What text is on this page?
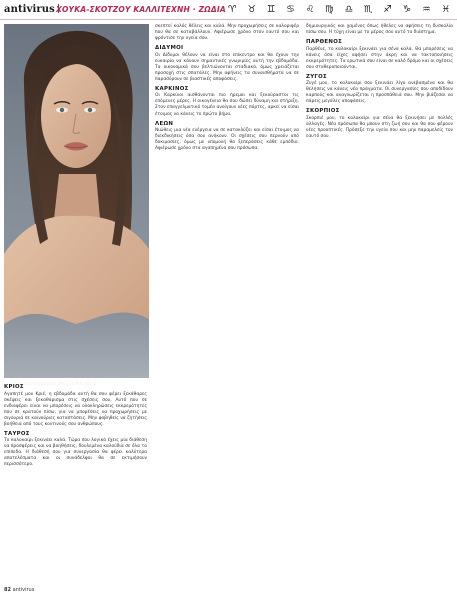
antivirus ΧΟΥΚΑ-ΣΚΟΤΖΟΥ ΚΑΛΛΙΤΕΧΝΗ · ΖΩΔΙΑ ♈ ♉ ♊ ♋ ♌ ♍ ♎ ♏ ♐ ♑ ♒ ♓
Στη φωτογραφία: ANGELINA JOLIE
ΚΡΙΟΣ

Αγαπητέ μου Κριέ, η εβδομάδα αυτή θα σου φέρει ξεκάθαρες σκέψεις και ξεκαθάρισμα στις σχέσεις σου. Αυτό που σε ενδιαφέρει είναι να μπορέσεις να ολοκληρώσεις εκκρεμότητες που σε κρατούν πίσω, για να μπορέσεις να προχωρήσεις με σιγουριά σε καινούριες καταστάσεις. Μην φοβηθείς να ζητήσεις βοήθεια από τους κοντινούς σου ανθρώπους.

ΤΑΥΡΟΣ

Το καλοκαίρι ξεκινάει καλά. Τώρα που λογικά έχεις μία διάθεση να προσφέρεις και να βοηθήσεις, δουλεμένα καλούδια σε όλα τα επίπεδα. Η διάθεσή σου για συνεργασία θα φέρει καλύτερα αποτελέσματα και οι συνάδελφοι θα σε εκτιμήσουν περισσότερο.

σκεπτεί καλός θέλεις και καλά. Μην προχωρήσεις σε καλοριφέρ που θα σε καταβάλλουν. Αφιέρωσε χρόνο στον εαυτό σου και φρόντισε την υγεία σου.

ΔΙΔΥΜΟΙ

Οι Δίδυμοι θέλουν να είναι στο επίκεντρο και θα έχουν την ευκαιρία να κάνουν σημαντικές γνωριμίες αυτή την εβδομάδα. Τα οικονομικά σου βελτιώνονται σταδιακά, όμως χρειάζεται προσοχή στις σπατάλες. Μην αφήνεις τα συναισθήματα να σε παρασύρουν σε βιαστικές αποφάσεις.

ΚΑΡΚΙΝΟΣ

Οι Καρκίνοι αισθάνονται πιο ήρεμοι και ξεκούραστοι τις επόμενες μέρες. Η οικογένεια θα σου δώσει δύναμη και στήριξη. Στον επαγγελματικό τομέα ανοίγουν νέες πόρτες, αρκεί να είσαι έτοιμος να κάνεις το πρώτο βήμα.

ΛΕΩΝ

Νιώθεις μια νέα ενέργεια να σε κατακλύζει και είσαι έτοιμος να διεκδικήσεις όσα σου ανήκουν. Οι σχέσεις σου περνούν από δοκιμασίες, όμως με υπομονή θα ξεπεράσεις κάθε εμπόδιο. Αφιέρωσε χρόνο στα αγαπημένα σου πρόσωπα.

δημιουργικός και χαμένος όπως ήθελες να αφήσεις τη δυσκολία πίσω σου. Η τύχη είναι με το μέρος σου αυτό το διάστημα.

ΠΑΡΘΕΝΟΣ

Παρθένε, το καλοκαίρι ξεκινάει για σένα καλά. Θα μπορέσεις να κάνεις όσα είχες αφήσει στην άκρη και να τακτοποιήσεις εκκρεμότητες. Τα ερωτικά σου είναι σε καλό δρόμο και οι σχέσεις σου σταθεροποιούνται.

ΖΥΓΟΣ

Ζυγέ μου, το καλοκαίρι σου ξεκινάει λίγο ανεβασμένα και θα θελήσεις να κάνεις νέα πράγματα. Οι συνεργασίες σου αποδίδουν καρπούς και αναγνωρίζεται η προσπάθειά σου. Μην βιάζεσαι να πάρεις μεγάλες αποφάσεις.

ΣΚΟΡΠΙΟΣ

Σκορπιέ μου, το καλοκαίρι για σένα θα ξεκινήσει με πολλές αλλαγές. Νέα πρόσωπα θα μπουν στη ζωή σου και θα σου φέρουν νέες προοπτικές. Πρόσεξε την υγεία σου και μην παραμελείς τον εαυτό σου.

82 antivirus
